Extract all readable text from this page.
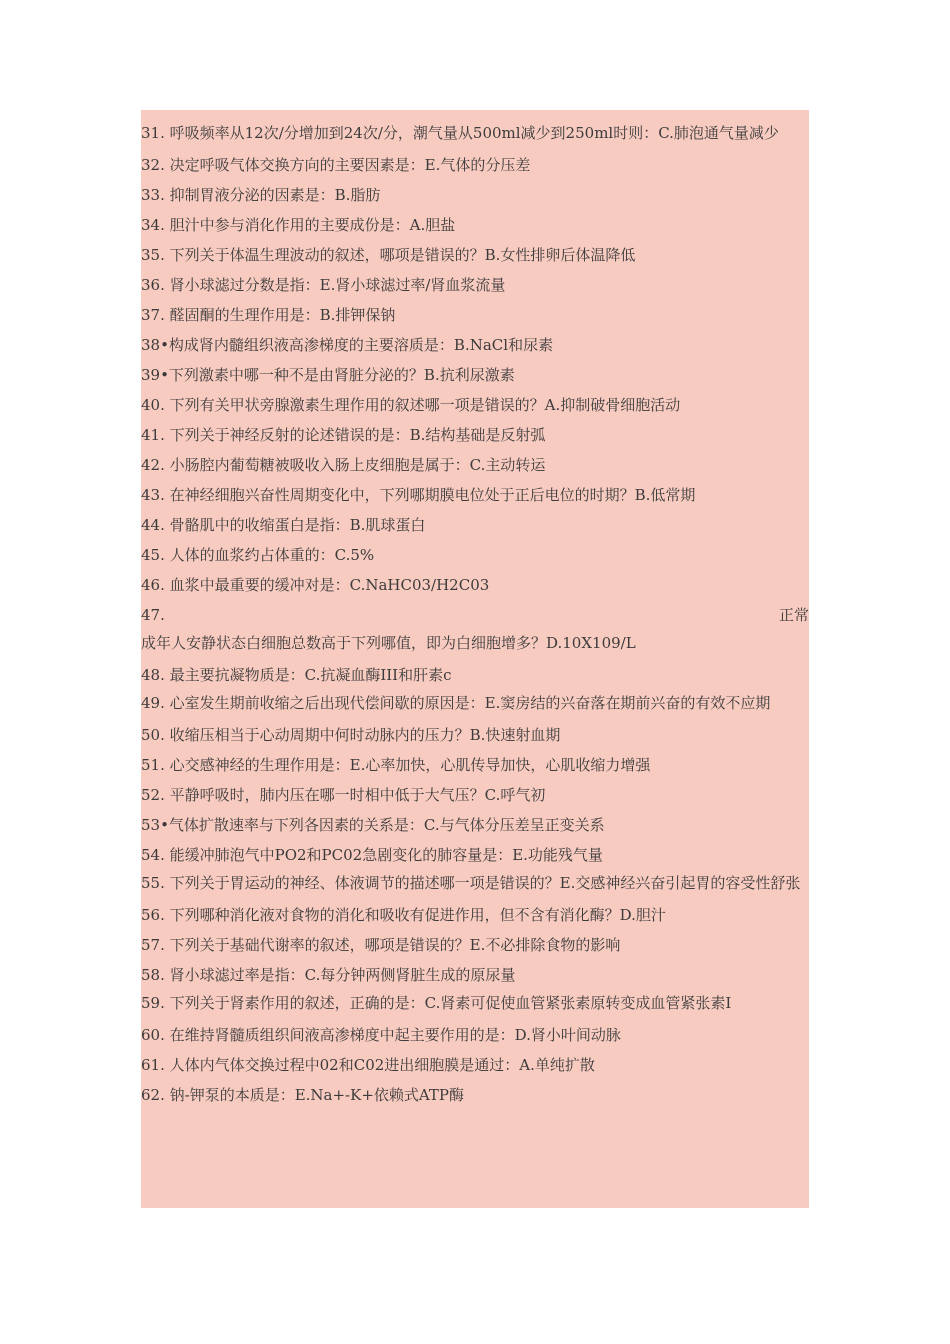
31. 呼吸频率从12次/分增加到24次/分，潮气量从500ml减少到250ml时则：C.肺泡通气量减少

32. 决定呼吸气体交换方向的主要因素是：E.气体的分压差

33. 抑制胃液分泌的因素是：B.脂肪

34. 胆汁中参与消化作用的主要成份是：A.胆盐

35. 下列关于体温生理波动的叙述，哪项是错误的？B.女性排卵后体温降低

36. 肾小球滤过分数是指：E.肾小球滤过率/肾血浆流量

37. 醛固酮的生理作用是：B.排钾保钠

38•构成肾内髓组织液高渗梯度的主要溶质是：B.NaCl和尿素

39•下列激素中哪一种不是由肾脏分泌的？B.抗利尿激素

40. 下列有关甲状旁腺激素生理作用的叙述哪一项是错误的？A.抑制破骨细胞活动

41. 下列关于神经反射的论述错误的是：B.结构基础是反射弧

42. 小肠腔内葡萄糖被吸收入肠上皮细胞是属于：C.主动转运

43. 在神经细胞兴奋性周期变化中，下列哪期膜电位处于正后电位的时期？B.低常期

44. 骨骼肌中的收缩蛋白是指：B.肌球蛋白

45. 人体的血浆约占体重的：C.5%

46. 血浆中最重要的缓冲对是：C.NaHC03/H2C03

47.	正常

成年人安静状态白细胞总数高于下列哪值，即为白细胞增多？D.10X109/L

48. 最主要抗凝物质是：C.抗凝血酶III和肝素c

49. 心室发生期前收缩之后出现代偿间歇的原因是：E.窦房结的兴奋落在期前兴奋的有效不应期

50. 收缩压相当于心动周期中何时动脉内的压力？B.快速射血期

51. 心交感神经的生理作用是：E.心率加快，心肌传导加快，心肌收缩力增强

52. 平静呼吸时，肺内压在哪一时相中低于大气压？C.呼气初

53•气体扩散速率与下列各因素的关系是：C.与气体分压差呈正变关系

54. 能缓冲肺泡气中PO2和PC02急剧变化的肺容量是：E.功能残气量

55. 下列关于胃运动的神经、体液调节的描述哪一项是错误的？E.交感神经兴奋引起胃的容受性舒张

56. 下列哪种消化液对食物的消化和吸收有促进作用，但不含有消化酶？D.胆汁

57. 下列关于基础代谢率的叙述，哪项是错误的？E.不必排除食物的影响

58. 肾小球滤过率是指：C.每分钟两侧肾脏生成的原尿量

59. 下列关于肾素作用的叙述，正确的是：C.肾素可促使血管紧张素原转变成血管紧张素I

60. 在维持肾髓质组织间液高渗梯度中起主要作用的是：D.肾小叶间动脉

61. 人体内气体交换过程中02和C02进出细胞膜是通过：A.单纯扩散

62. 钠-钾泵的本质是：E.Na+-K+依赖式ATP酶
